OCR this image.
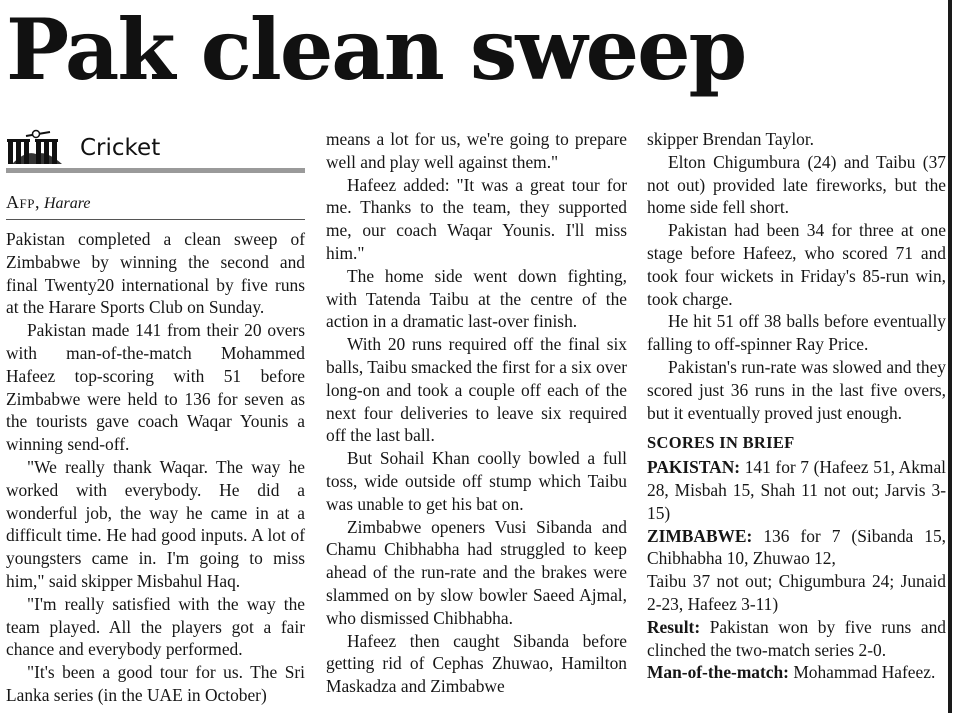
Pak clean sweep
Cricket
Afp, Harare

Pakistan completed a clean sweep of Zimbabwe by winning the second and final Twenty20 international by five runs at the Harare Sports Club on Sunday.

Pakistan made 141 from their 20 overs with man-of-the-match Mohammed Hafeez top-scoring with 51 before Zimbabwe were held to 136 for seven as the tourists gave coach Waqar Younis a winning send-off.

"We really thank Waqar. The way he worked with everybody. He did a wonderful job, the way he came in at a difficult time. He had good inputs. A lot of youngsters came in. I'm going to miss him," said skipper Misbahul Haq.

"I'm really satisfied with the way the team played. All the players got a fair chance and everybody performed.

"It's been a good tour for us. The Sri Lanka series (in the UAE in October)

means a lot for us, we're going to prepare well and play well against them."

Hafeez added: "It was a great tour for me. Thanks to the team, they supported me, our coach Waqar Younis. I'll miss him."

The home side went down fighting, with Tatenda Taibu at the centre of the action in a dramatic last-over finish.

With 20 runs required off the final six balls, Taibu smacked the first for a six over long-on and took a couple off each of the next four deliveries to leave six required off the last ball.

But Sohail Khan coolly bowled a full toss, wide outside off stump which Taibu was unable to get his bat on.

Zimbabwe openers Vusi Sibanda and Chamu Chibhabha had struggled to keep ahead of the run-rate and the brakes were slammed on by slow bowler Saeed Ajmal, who dismissed Chibhabha.

Hafeez then caught Sibanda before getting rid of Cephas Zhuwao, Hamilton Maskadza and Zimbabwe

skipper Brendan Taylor.

Elton Chigumbura (24) and Taibu (37 not out) provided late fireworks, but the home side fell short.

Pakistan had been 34 for three at one stage before Hafeez, who scored 71 and took four wickets in Friday's 85-run win, took charge.

He hit 51 off 38 balls before eventually falling to off-spinner Ray Price.

Pakistan's run-rate was slowed and they scored just 36 runs in the last five overs, but it eventually proved just enough.

SCORES IN BRIEF

PAKISTAN: 141 for 7 (Hafeez 51, Akmal 28, Misbah 15, Shah 11 not out; Jarvis 3-15)

ZIMBABWE: 136 for 7 (Sibanda 15, Chibhabha 10, Zhuwao 12,

Taibu 37 not out; Chigumbura 24; Junaid 2-23, Hafeez 3-11)

Result: Pakistan won by five runs and clinched the two-match series 2-0.

Man-of-the-match: Mohammad Hafeez.
